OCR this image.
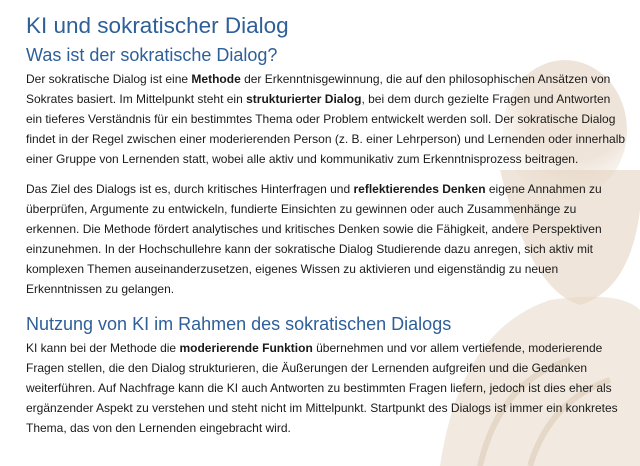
KI und sokratischer Dialog
Was ist der sokratische Dialog?

Der sokratische Dialog ist eine Methode der Erkenntnisgewinnung, die auf den philosophischen Ansätzen von Sokrates basiert. Im Mittelpunkt steht ein strukturierter Dialog, bei dem durch gezielte Fragen und Antworten ein tieferes Verständnis für ein bestimmtes Thema oder Problem entwickelt werden soll. Der sokratische Dialog findet in der Regel zwischen einer moderierenden Person (z. B. einer Lehrperson) und Lernenden oder innerhalb einer Gruppe von Lernenden statt, wobei alle aktiv und kommunikativ zum Erkenntnisprozess beitragen.

Das Ziel des Dialogs ist es, durch kritisches Hinterfragen und reflektierendes Denken eigene Annahmen zu überprüfen, Argumente zu entwickeln, fundierte Einsichten zu gewinnen oder auch Zusammenhänge zu erkennen. Die Methode fördert analytisches und kritisches Denken sowie die Fähigkeit, andere Perspektiven einzunehmen. In der Hochschullehre kann der sokratische Dialog Studierende dazu anregen, sich aktiv mit komplexen Themen auseinanderzusetzen, eigenes Wissen zu aktivieren und eigenständig zu neuen Erkenntnissen zu gelangen.

Nutzung von KI im Rahmen des sokratischen Dialogs

KI kann bei der Methode die moderierende Funktion übernehmen und vor allem vertiefende, moderierende Fragen stellen, die den Dialog strukturieren, die Äußerungen der Lernenden aufgreifen und die Gedanken weiterführen. Auf Nachfrage kann die KI auch Antworten zu bestimmten Fragen liefern, jedoch ist dies eher als ergänzender Aspekt zu verstehen und steht nicht im Mittelpunkt. Startpunkt des Dialogs ist immer ein konkretes Thema, das von den Lernenden eingebracht wird.
